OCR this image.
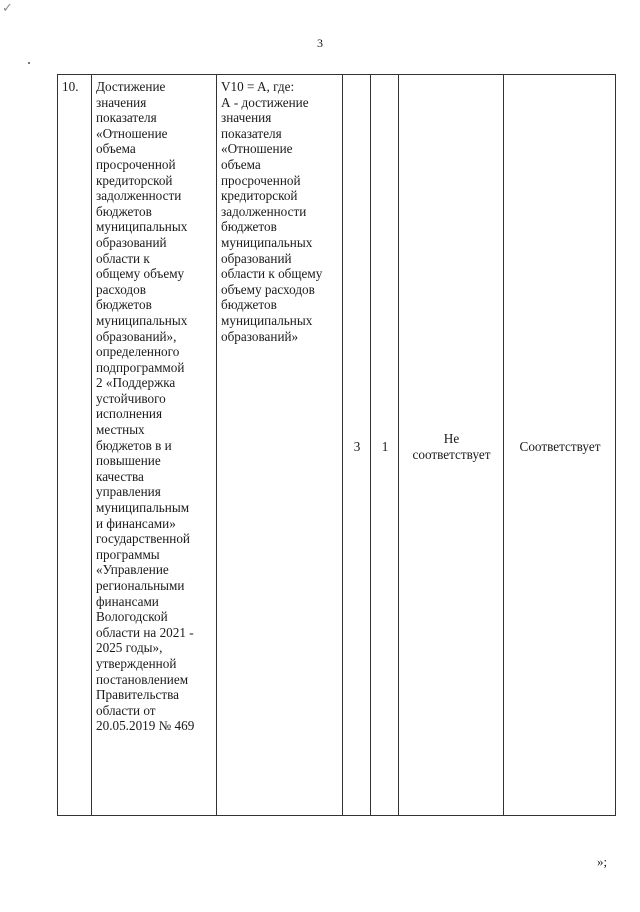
✓
3
10.	Достижение
значения
показателя
«Отношение
объема
просроченной
кредиторской
задолженности
бюджетов
муниципальных
образований
области к
общему объему
расходов
бюджетов
муниципальных
образований»,
определенного
подпрограммой
2 «Поддержка
устойчивого
исполнения
местных
бюджетов в и
повышение
качества
управления
муниципальным
и финансами»
государственной
программы
«Управление
региональными
финансами
Вологодской
области на 2021 -
2025 годы»,
утвержденной
постановлением
Правительства
области от
20.05.2019 № 469	V10 = A, где:
А - достижение
значения
показателя
«Отношение
объема
просроченной
кредиторской
задолженности
бюджетов
муниципальных
образований
области к общему
объему расходов
бюджетов
муниципальных
образований»	3	1	Не
соответствует	Соответствует
»;
